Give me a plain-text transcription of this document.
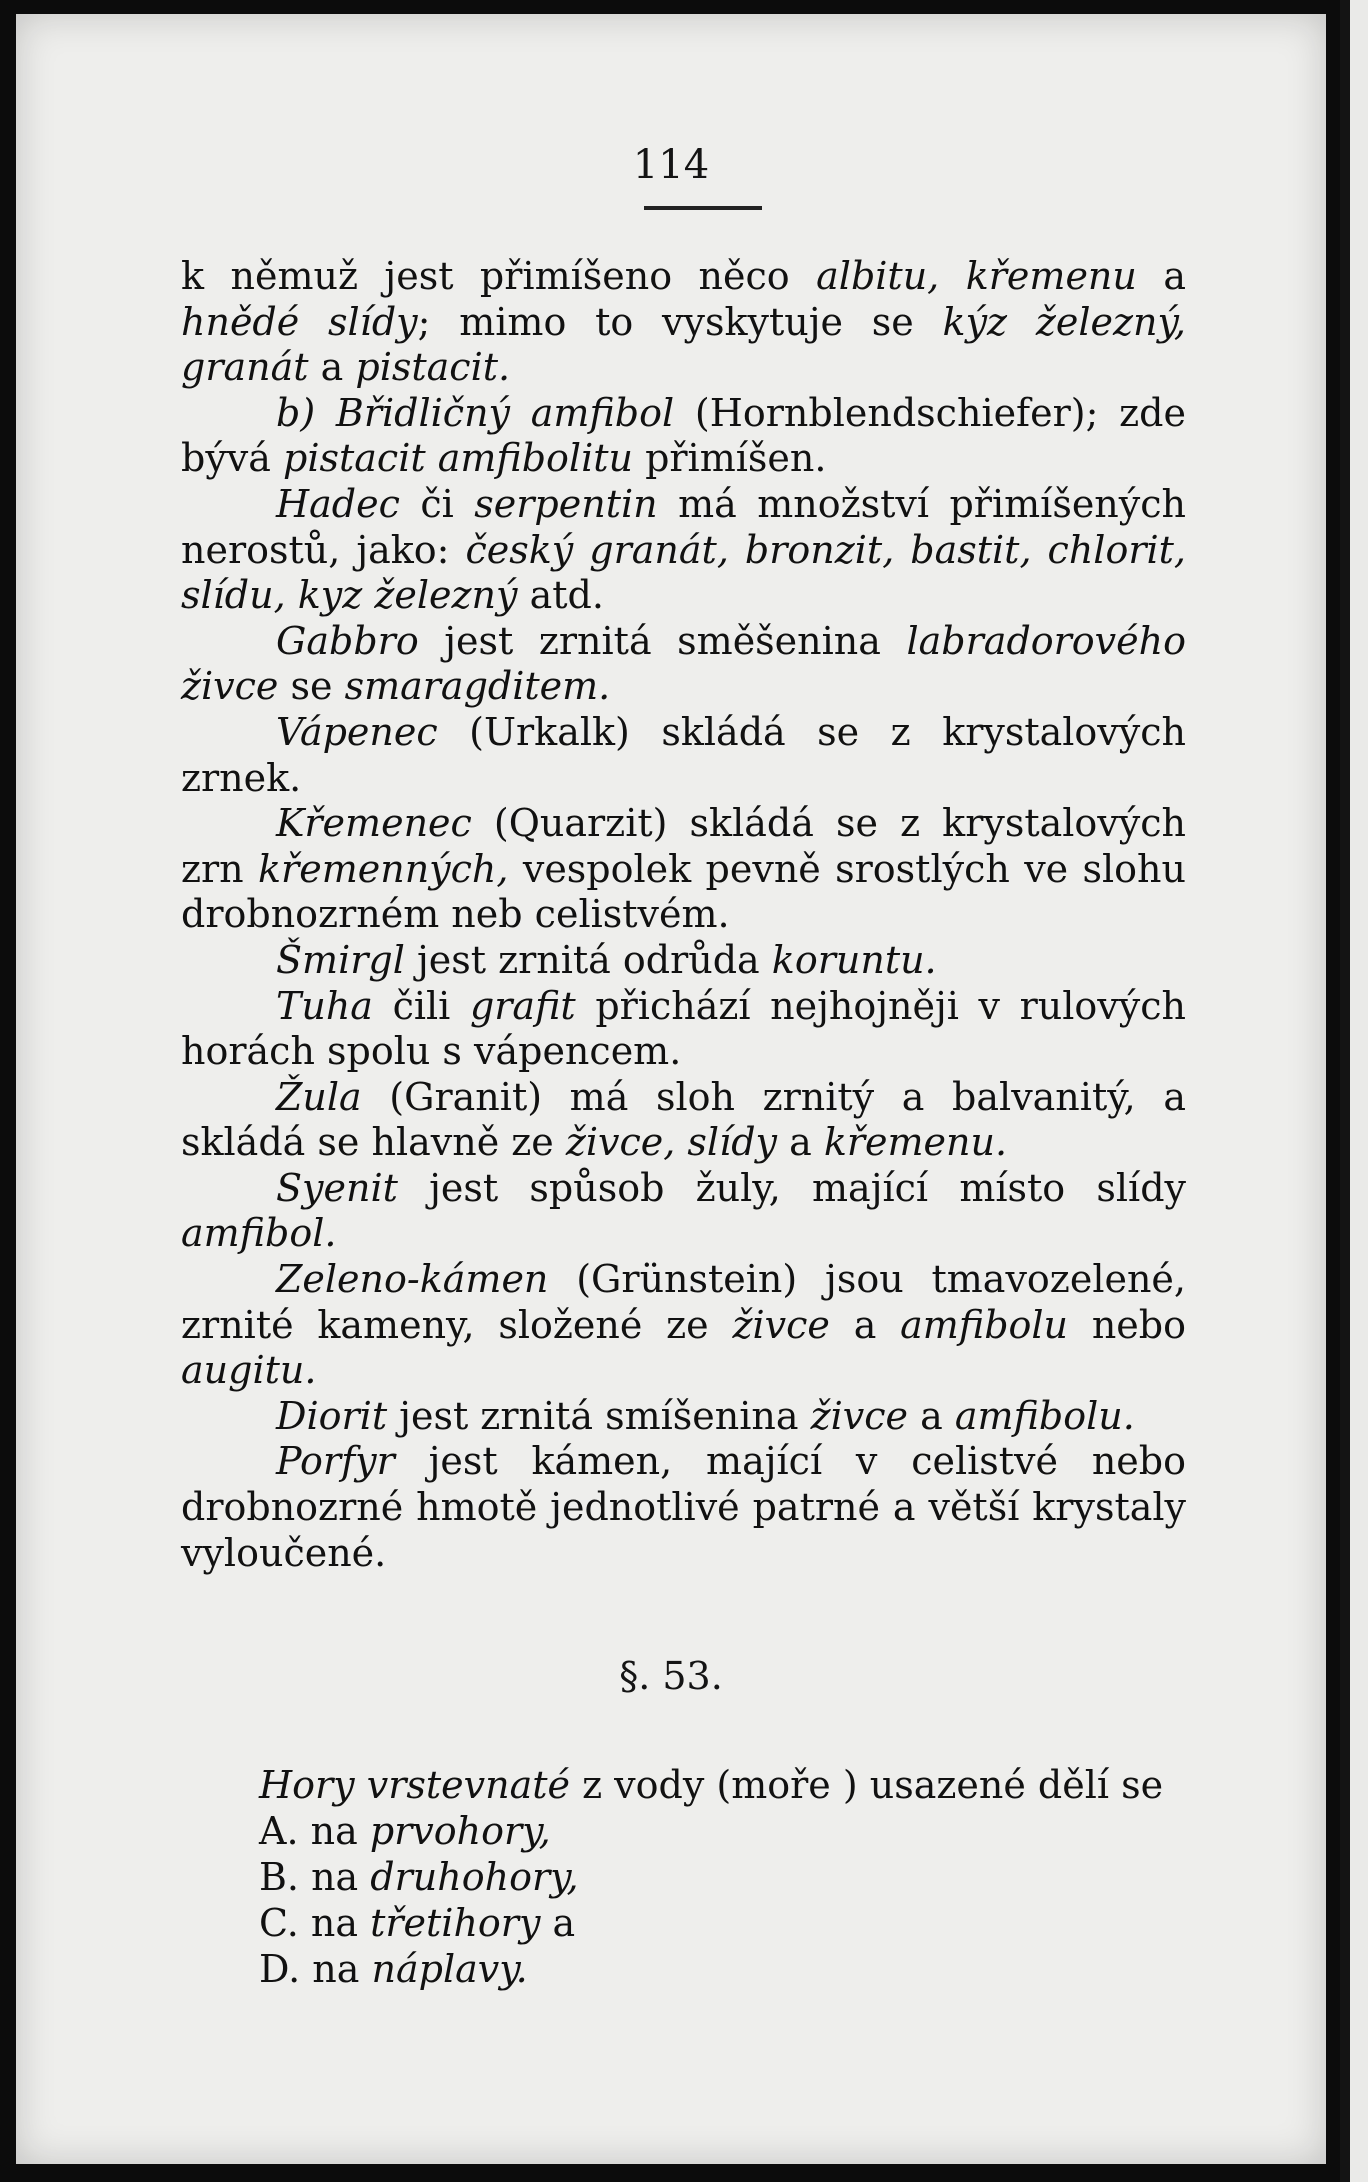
114

k němuž jest přimíšeno něco albitu, křemenu a hnědé slídy; mimo to vyskytuje se kýz železný, granát a pistacit.

b) Břidličný amfibol (Hornblendschiefer); zde bývá pistacit amfibolitu přimíšen.

Hadec či serpentin má množství přimíšených nerostů, jako: český granát, bronzit, bastit, chlorit, slídu, kyz železný atd.

Gabbro jest zrnitá směšenina labradorového živce se smaragditem.

Vápenec (Urkalk) skládá se z krystalových zrnek.

Křemenec (Quarzit) skládá se z krystalových zrn křemenných, vespolek pevně srostlých ve slohu drobnozrném neb celistvém.

Šmirgl jest zrnitá odrůda koruntu.

Tuha čili grafit přichází nejhojněji v rulových horách spolu s vápencem.

Žula (Granit) má sloh zrnitý a balvanitý, a skládá se hlavně ze živce, slídy a křemenu.

Syenit jest spůsob žuly, mající místo slídy amfibol.

Zeleno-kámen (Grünstein) jsou tmavozelené, zrnité kameny, složené ze živce a amfibolu nebo augitu.

Diorit jest zrnitá smíšenina živce a amfibolu.

Porfyr jest kámen, mající v celistvé nebo drobnozrné hmotě jednotlivé patrné a větší krystaly vyloučené.

§. 53.

Hory vrstevnaté z vody (moře ) usazené dělí se

A. na prvohory,
B. na druhohory,
C. na třetihory a
D. na náplavy.
